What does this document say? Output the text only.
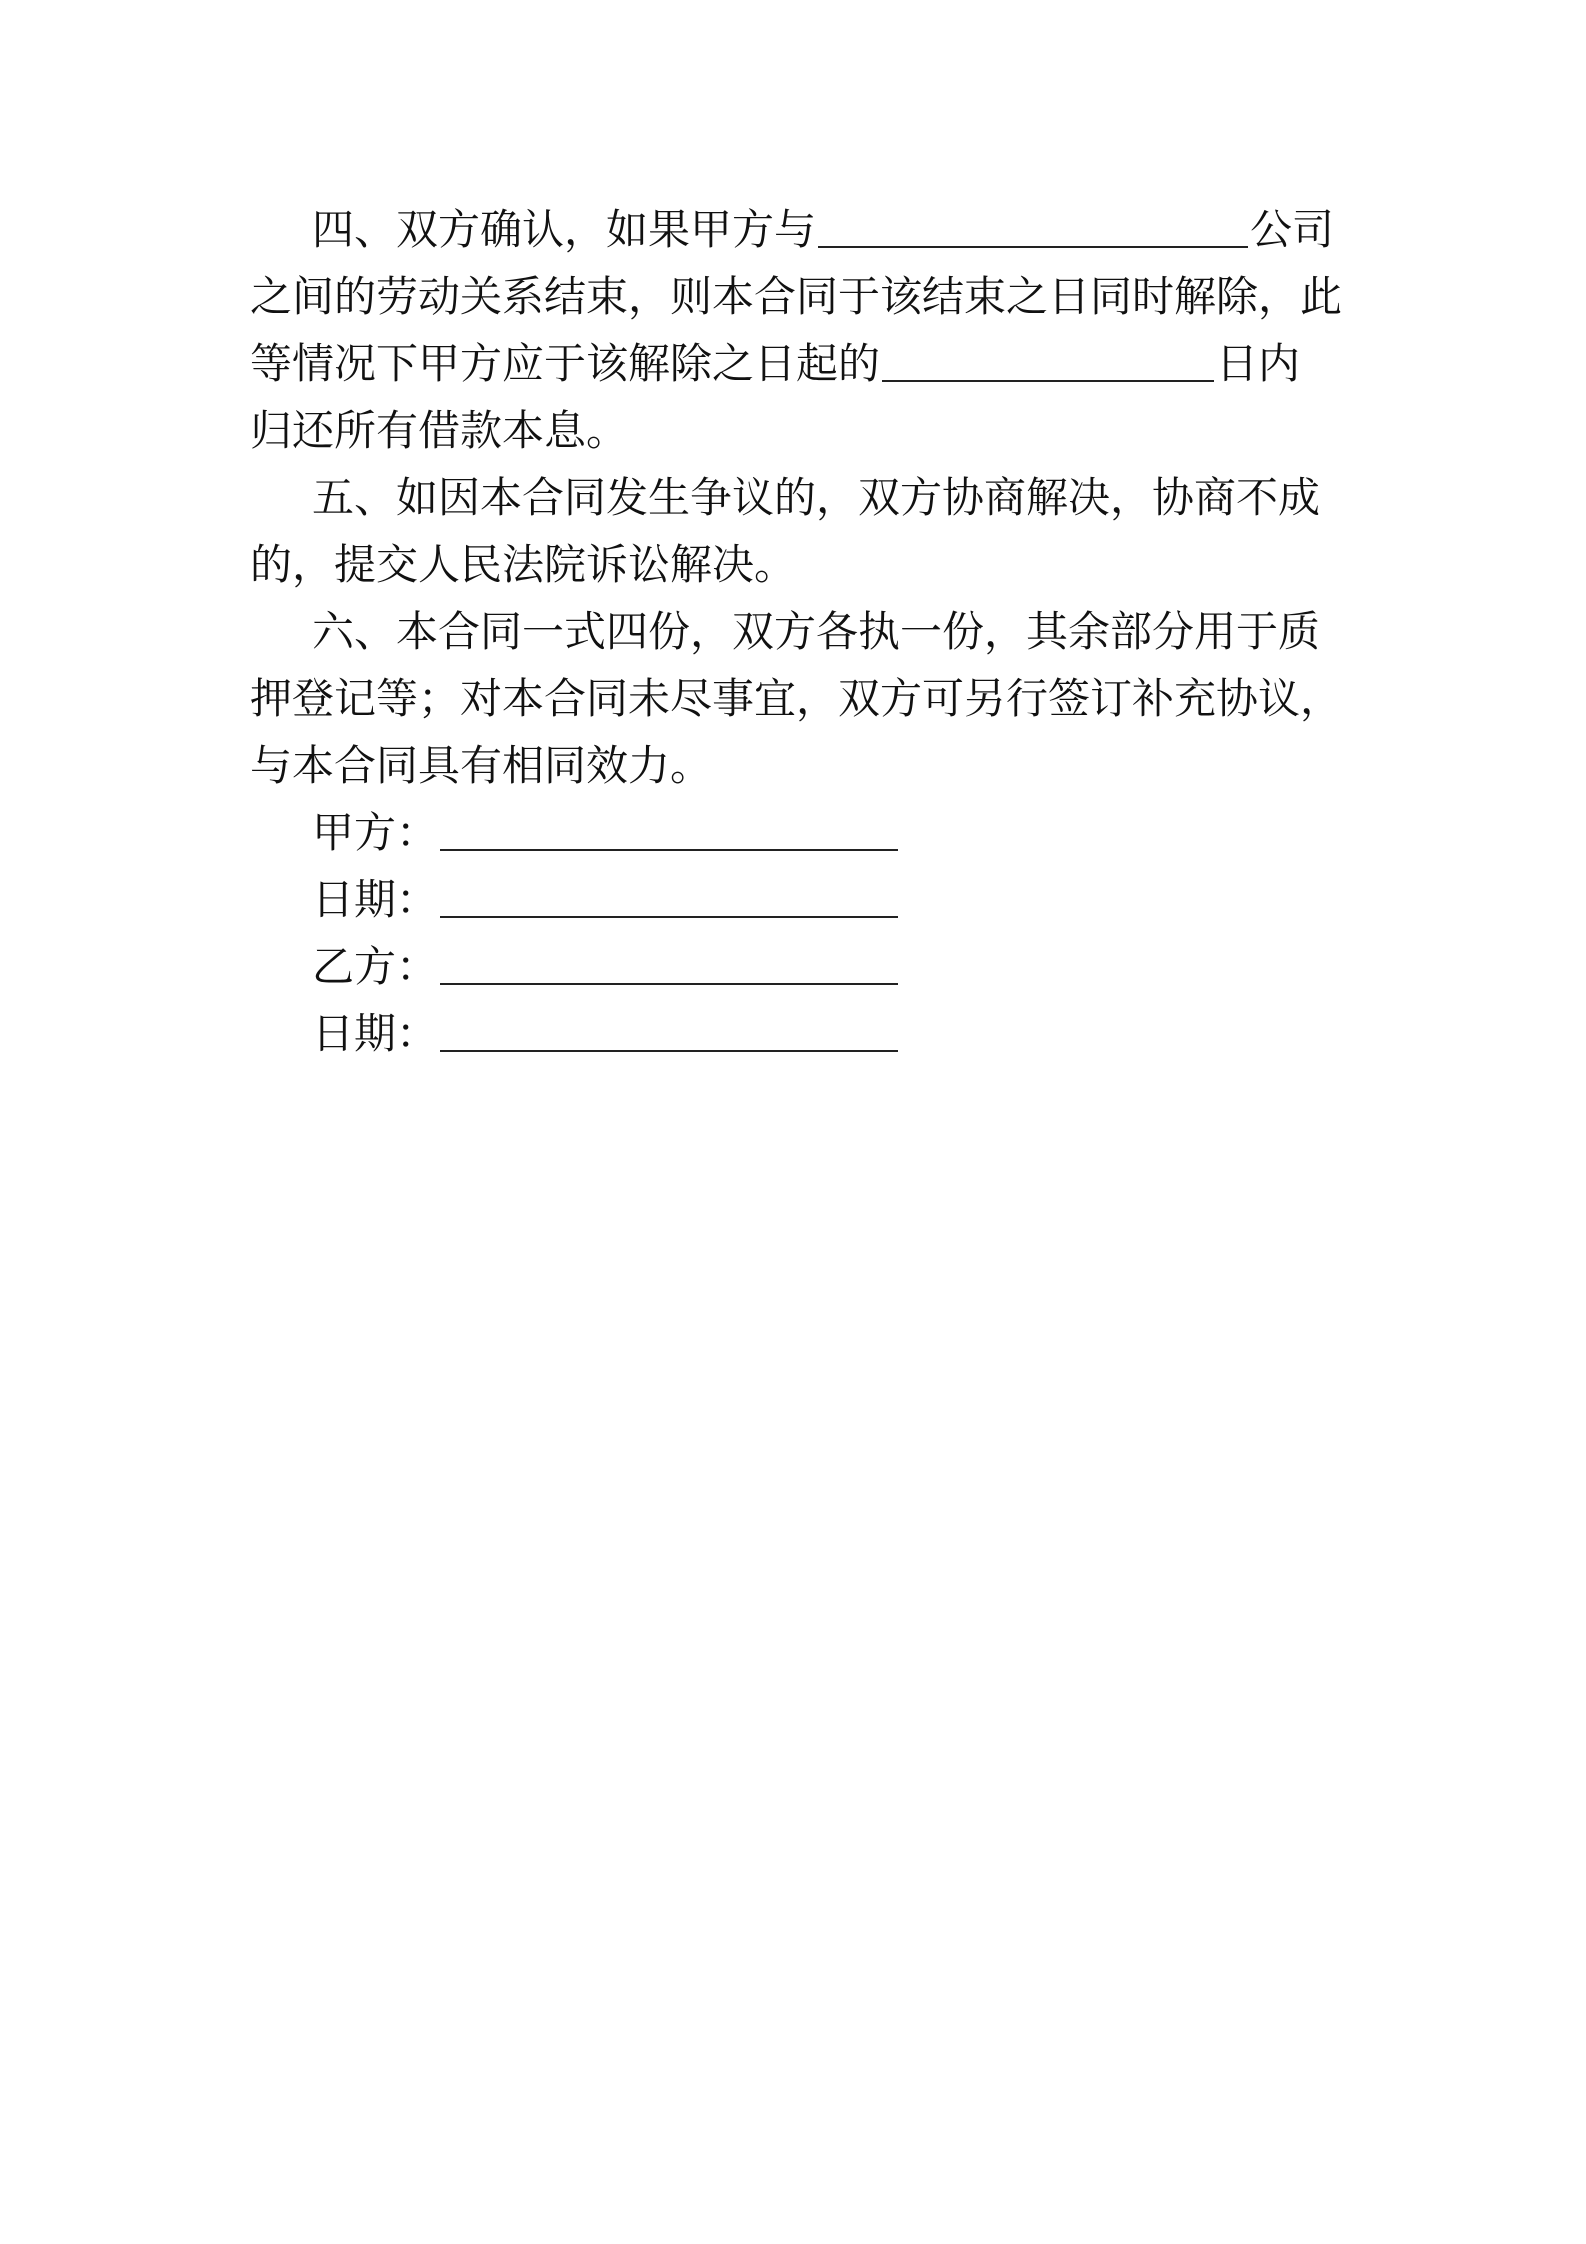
四、双方确认，如果甲方与	公司
之间的劳动关系结束，则本合同于该结束之日同时解除，此
等情况下甲方应于该解除之日起的	日内
归还所有借款本息。

五、如因本合同发生争议的，双方协商解决，协商不成
的，提交人民法院诉讼解决。

六、本合同一式四份，双方各执一份，其余部分用于质
押登记等；对本合同未尽事宜，双方可另行签订补充协议，
与本合同具有相同效力。

甲方：

日期：

乙方：

日期：
